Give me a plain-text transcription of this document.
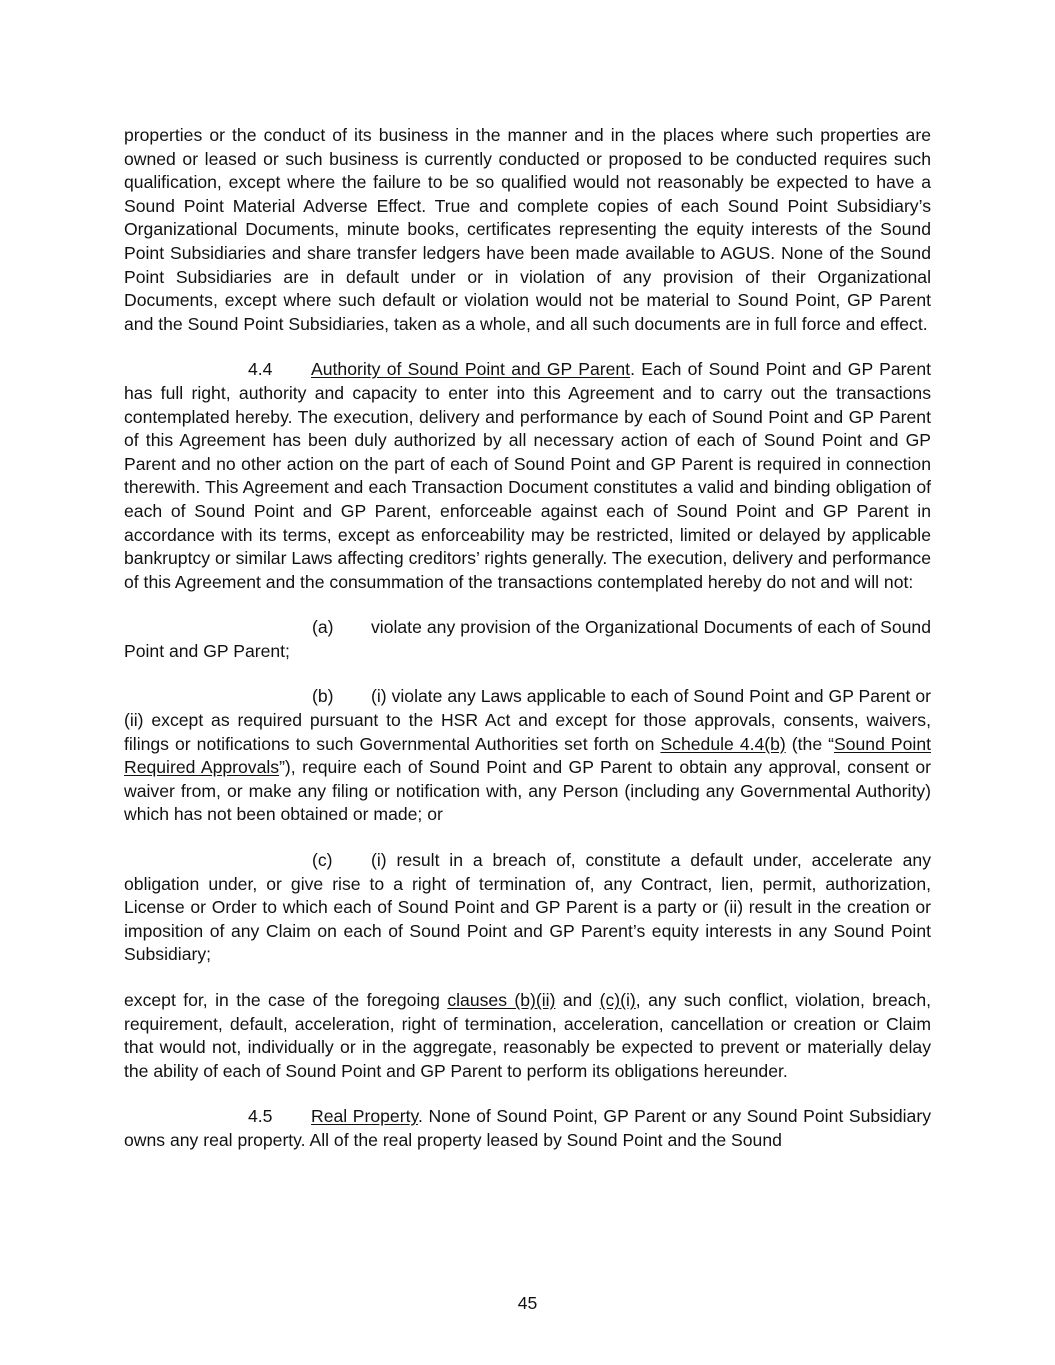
properties or the conduct of its business in the manner and in the places where such properties are owned or leased or such business is currently conducted or proposed to be conducted requires such qualification, except where the failure to be so qualified would not reasonably be expected to have a Sound Point Material Adverse Effect. True and complete copies of each Sound Point Subsidiary’s Organizational Documents, minute books, certificates representing the equity interests of the Sound Point Subsidiaries and share transfer ledgers have been made available to AGUS. None of the Sound Point Subsidiaries are in default under or in violation of any provision of their Organizational Documents, except where such default or violation would not be material to Sound Point, GP Parent and the Sound Point Subsidiaries, taken as a whole, and all such documents are in full force and effect.

4.4 Authority of Sound Point and GP Parent. Each of Sound Point and GP Parent has full right, authority and capacity to enter into this Agreement and to carry out the transactions contemplated hereby. The execution, delivery and performance by each of Sound Point and GP Parent of this Agreement has been duly authorized by all necessary action of each of Sound Point and GP Parent and no other action on the part of each of Sound Point and GP Parent is required in connection therewith. This Agreement and each Transaction Document constitutes a valid and binding obligation of each of Sound Point and GP Parent, enforceable against each of Sound Point and GP Parent in accordance with its terms, except as enforceability may be restricted, limited or delayed by applicable bankruptcy or similar Laws affecting creditors’ rights generally. The execution, delivery and performance of this Agreement and the consummation of the transactions contemplated hereby do not and will not:

(a) violate any provision of the Organizational Documents of each of Sound Point and GP Parent;

(b) (i) violate any Laws applicable to each of Sound Point and GP Parent or (ii) except as required pursuant to the HSR Act and except for those approvals, consents, waivers, filings or notifications to such Governmental Authorities set forth on Schedule 4.4(b) (the “Sound Point Required Approvals”), require each of Sound Point and GP Parent to obtain any approval, consent or waiver from, or make any filing or notification with, any Person (including any Governmental Authority) which has not been obtained or made; or

(c) (i) result in a breach of, constitute a default under, accelerate any obligation under, or give rise to a right of termination of, any Contract, lien, permit, authorization, License or Order to which each of Sound Point and GP Parent is a party or (ii) result in the creation or imposition of any Claim on each of Sound Point and GP Parent’s equity interests in any Sound Point Subsidiary;

except for, in the case of the foregoing clauses (b)(ii) and (c)(i), any such conflict, violation, breach, requirement, default, acceleration, right of termination, acceleration, cancellation or creation or Claim that would not, individually or in the aggregate, reasonably be expected to prevent or materially delay the ability of each of Sound Point and GP Parent to perform its obligations hereunder.

4.5 Real Property. None of Sound Point, GP Parent or any Sound Point Subsidiary owns any real property. All of the real property leased by Sound Point and the Sound

45
